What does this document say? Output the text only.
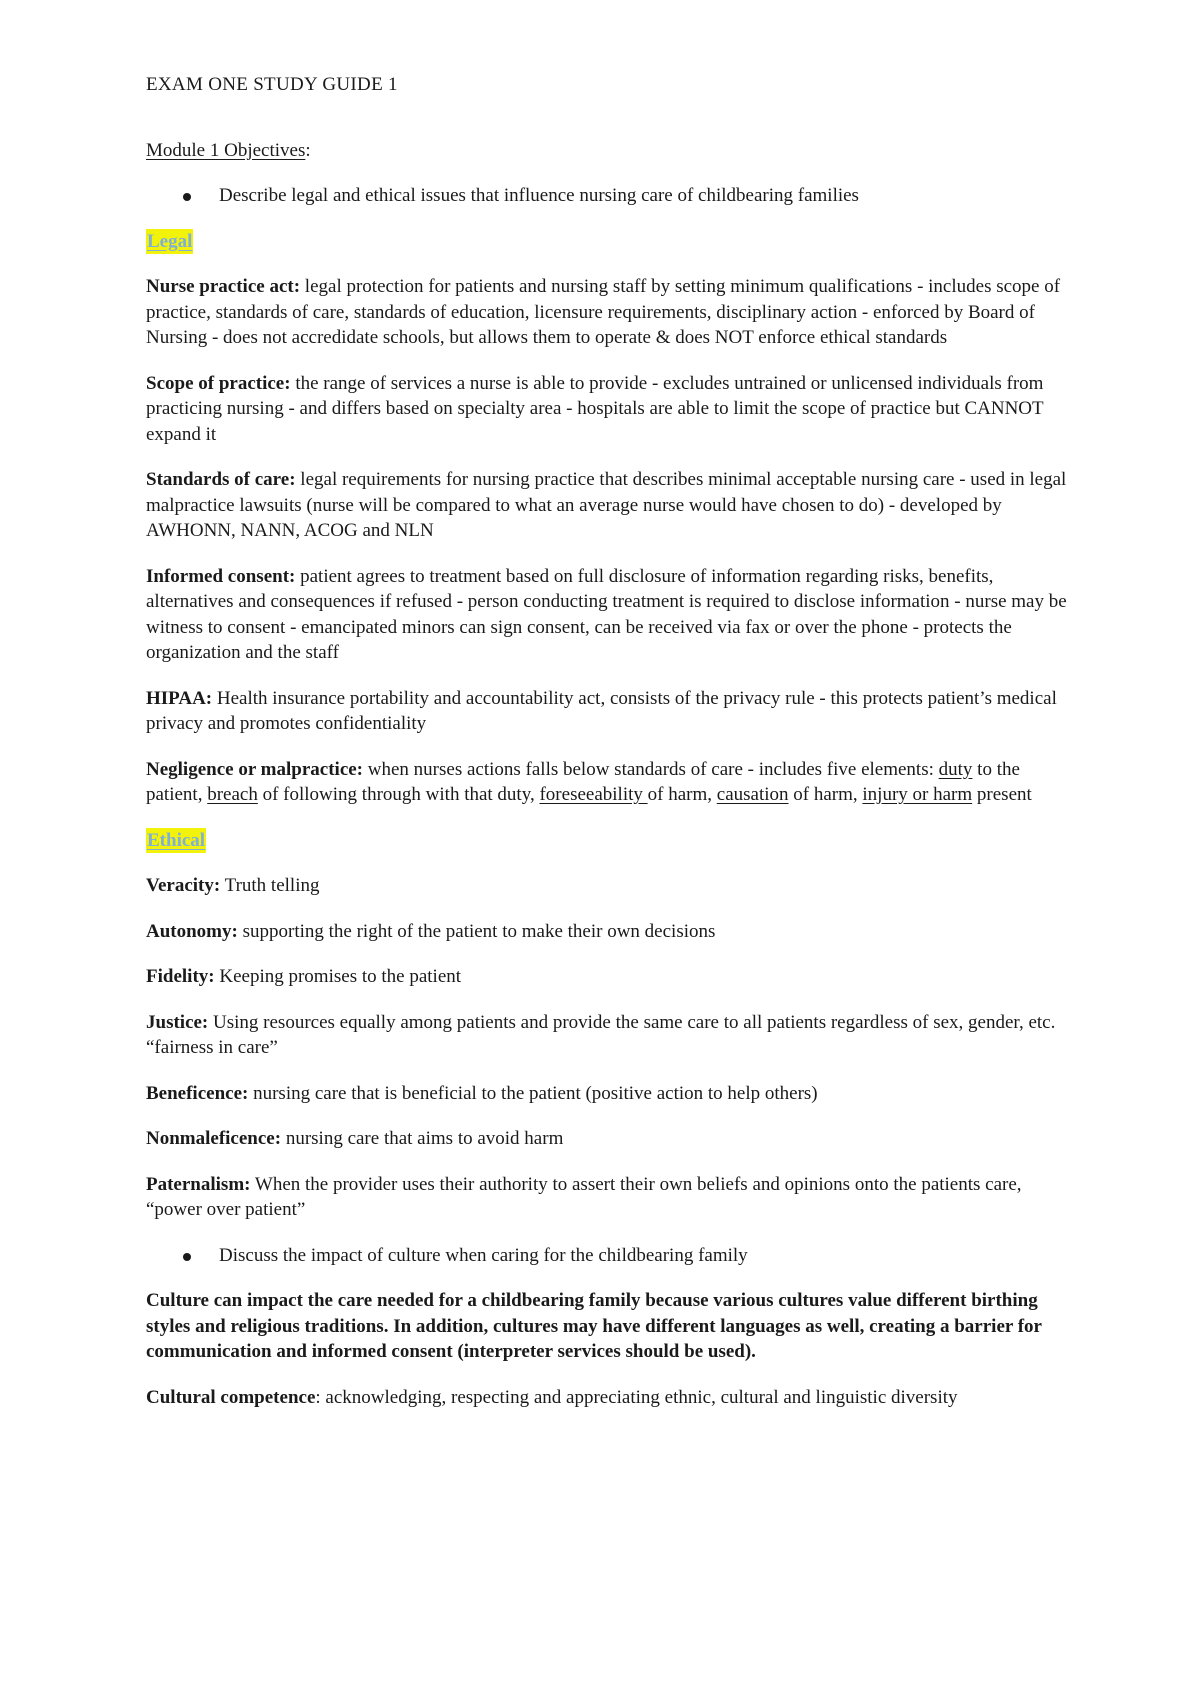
EXAM ONE STUDY GUIDE 1
Module 1 Objectives:
Describe legal and ethical issues that influence nursing care of childbearing families
Legal
Nurse practice act: legal protection for patients and nursing staff by setting minimum qualifications - includes scope of practice, standards of care, standards of education, licensure requirements, disciplinary action - enforced by Board of Nursing - does not accredidate schools, but allows them to operate & does NOT enforce ethical standards
Scope of practice: the range of services a nurse is able to provide - excludes untrained or unlicensed individuals from practicing nursing - and differs based on specialty area - hospitals are able to limit the scope of practice but CANNOT expand it
Standards of care: legal requirements for nursing practice that describes minimal acceptable nursing care - used in legal malpractice lawsuits (nurse will be compared to what an average nurse would have chosen to do) - developed by AWHONN, NANN, ACOG and NLN
Informed consent: patient agrees to treatment based on full disclosure of information regarding risks, benefits, alternatives and consequences if refused - person conducting treatment is required to disclose information - nurse may be witness to consent - emancipated minors can sign consent, can be received via fax or over the phone - protects the organization and the staff
HIPAA: Health insurance portability and accountability act, consists of the privacy rule - this protects patient’s medical privacy and promotes confidentiality
Negligence or malpractice: when nurses actions falls below standards of care - includes five elements: duty to the patient, breach of following through with that duty, foreseeability of harm, causation of harm, injury or harm present
Ethical
Veracity: Truth telling
Autonomy: supporting the right of the patient to make their own decisions
Fidelity: Keeping promises to the patient
Justice: Using resources equally among patients and provide the same care to all patients regardless of sex, gender, etc. “fairness in care”
Beneficence: nursing care that is beneficial to the patient (positive action to help others)
Nonmaleficence: nursing care that aims to avoid harm
Paternalism: When the provider uses their authority to assert their own beliefs and opinions onto the patients care, “power over patient”
Discuss the impact of culture when caring for the childbearing family
Culture can impact the care needed for a childbearing family because various cultures value different birthing styles and religious traditions. In addition, cultures may have different languages as well, creating a barrier for communication and informed consent (interpreter services should be used).
Cultural competence: acknowledging, respecting and appreciating ethnic, cultural and linguistic diversity
